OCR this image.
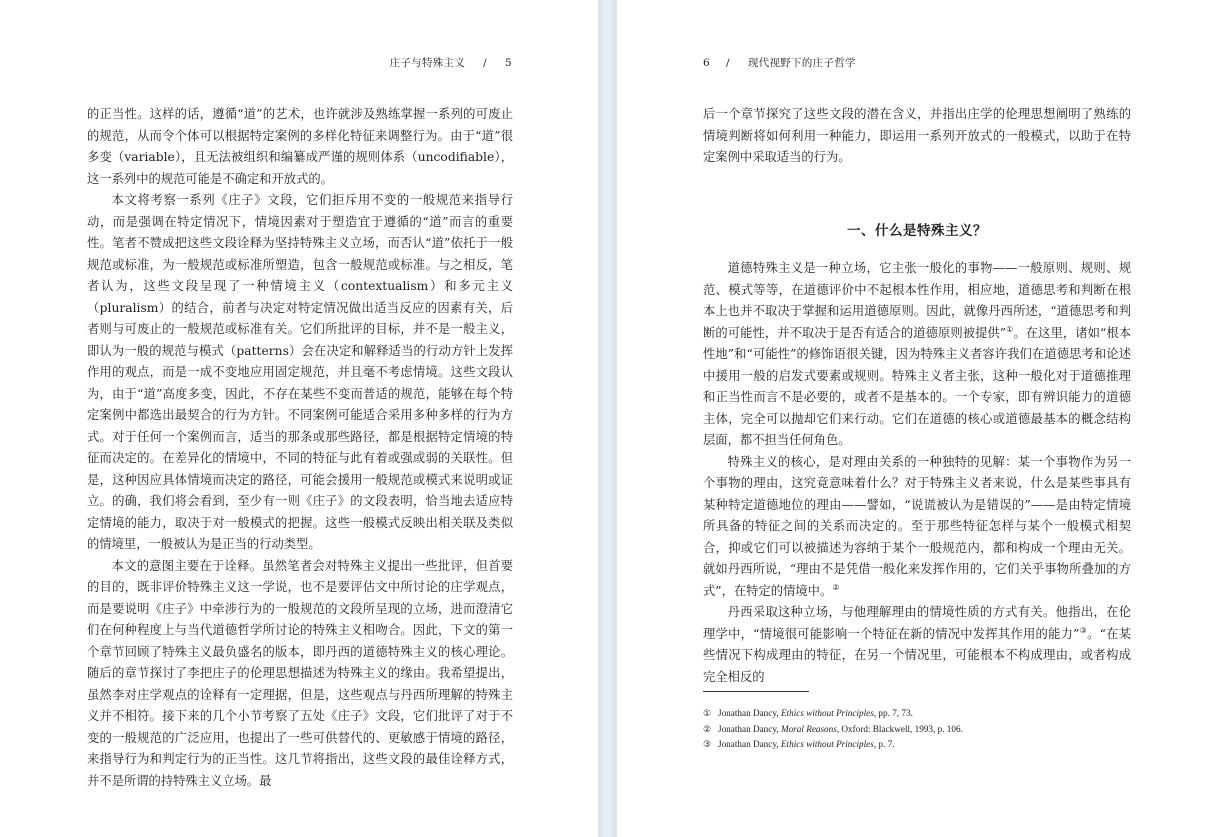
庄子与特殊主义 / 5

的正当性。这样的话，遵循“道”的艺术，也许就涉及熟练掌握一系列的可废止的规范，从而令个体可以根据特定案例的多样化特征来调整行为。由于“道”很多变（variable），且无法被组织和编纂成严谨的规则体系（uncodifiable），这一系列中的规范可能是不确定和开放式的。

本文将考察一系列《庄子》文段，它们拒斥用不变的一般规范来指导行动，而是强调在特定情况下，情境因素对于塑造宜于遵循的“道”而言的重要性。笔者不赞成把这些文段诠释为坚持特殊主义立场，而否认“道”依托于一般规范或标准，为一般规范或标准所塑造，包含一般规范或标准。与之相反，笔者认为，这些文段呈现了一种情境主义（contextualism）和多元主义（pluralism）的结合，前者与决定对特定情况做出适当反应的因素有关，后者则与可废止的一般规范或标准有关。它们所批评的目标，并不是一般主义，即认为一般的规范与模式（patterns）会在决定和解释适当的行动方针上发挥作用的观点，而是一成不变地应用固定规范，并且毫不考虑情境。这些文段认为，由于“道”高度多变，因此，不存在某些不变而普适的规范，能够在每个特定案例中都选出最契合的行为方针。不同案例可能适合采用多种多样的行为方式。对于任何一个案例而言，适当的那条或那些路径，都是根据特定情境的特征而决定的。在差异化的情境中，不同的特征与此有着或强或弱的关联性。但是，这种因应具体情境而决定的路径，可能会援用一般规范或模式来说明或证立。的确，我们将会看到，至少有一则《庄子》的文段表明，恰当地去适应特定情境的能力，取决于对一般模式的把握。这些一般模式反映出相关联及类似的情境里，一般被认为是正当的行动类型。

本文的意图主要在于诠释。虽然笔者会对特殊主义提出一些批评，但首要的目的，既非评价特殊主义这一学说，也不是要评估文中所讨论的庄学观点，而是要说明《庄子》中牵涉行为的一般规范的文段所呈现的立场，进而澄清它们在何种程度上与当代道德哲学所讨论的特殊主义相吻合。因此，下文的第一个章节回顾了特殊主义最负盛名的版本，即丹西的道德特殊主义的核心理论。随后的章节探讨了李把庄子的伦理思想描述为特殊主义的缘由。我希望提出，虽然李对庄学观点的诠释有一定理据，但是，这些观点与丹西所理解的特殊主义并不相符。接下来的几个小节考察了五处《庄子》文段，它们批评了对于不变的一般规范的广泛应用，也提出了一些可供替代的、更敏感于情境的路径，来指导行为和判定行为的正当性。这几节将指出，这些文段的最佳诠释方式，并不是所谓的持特殊主义立场。最

6 / 现代视野下的庄子哲学

后一个章节探究了这些文段的潜在含义，并指出庄学的伦理思想阐明了熟练的情境判断将如何利用一种能力，即运用一系列开放式的一般模式，以助于在特定案例中采取适当的行为。

一、什么是特殊主义？

道德特殊主义是一种立场，它主张一般化的事物——一般原则、规则、规范、模式等等，在道德评价中不起根本性作用，相应地，道德思考和判断在根本上也并不取决于掌握和运用道德原则。因此，就像丹西所述，“道德思考和判断的可能性，并不取决于是否有适合的道德原则被提供”①。在这里，诸如“根本性地”和“可能性”的修饰语很关键，因为特殊主义者容许我们在道德思考和论述中援用一般的启发式要素或规则。特殊主义者主张，这种一般化对于道德推理和正当性而言不是必要的，或者不是基本的。一个专家，即有辨识能力的道德主体，完全可以抛却它们来行动。它们在道德的核心或道德最基本的概念结构层面，都不担当任何角色。

特殊主义的核心，是对理由关系的一种独特的见解：某一个事物作为另一个事物的理由，这究竟意味着什么？对于特殊主义者来说，什么是某些事具有某种特定道德地位的理由——譬如，“说谎被认为是错误的”——是由特定情境所具备的特征之间的关系而决定的。至于那些特征怎样与某个一般模式相契合，抑或它们可以被描述为容纳于某个一般规范内，都和构成一个理由无关。就如丹西所说，“理由不是凭借一般化来发挥作用的，它们关乎事物所叠加的方式”，在特定的情境中。②

丹西采取这种立场，与他理解理由的情境性质的方式有关。他指出，在伦理学中，“情境很可能影响一个特征在新的情况中发挥其作用的能力”③。“在某些情况下构成理由的特征，在另一个情况里，可能根本不构成理由，或者构成完全相反的

① Jonathan Dancy, Ethics without Principles, pp. 7, 73.
② Jonathan Dancy, Moral Reasons, Oxford: Blackwell, 1993, p. 106.
③ Jonathan Dancy, Ethics without Principles, p. 7.
